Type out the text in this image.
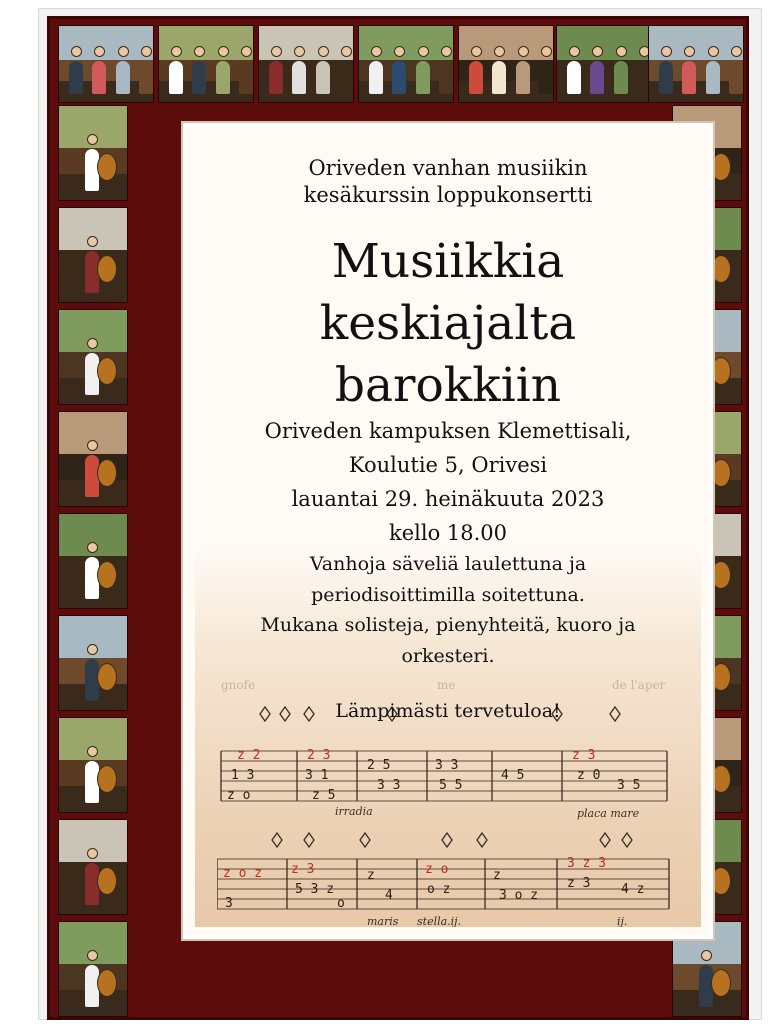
gnofe	me	de l'aper
z 2
1 3
z o
2 3
3 1
z 5
2 5
3 3
3 3
5 5
4 5
z 3
z 0
3 5
irradia	placa mare
z o z
3
z 3
5 3 z
o
z
4
z o
o z
z
3 o z
3 z 3
z 3 4 z
maris stella.ij.	ij.
Oriveden vanhan musiikin
kesäkurssin loppukonsertti
Musiikkia
keskiajalta
barokkiin
Oriveden kampuksen Klemettisali,
Koulutie 5, Orivesi
lauantai 29. heinäkuuta 2023
kello 18.00
Vanhoja säveliä laulettuna ja
periodisoittimilla soitettuna.
Mukana solisteja, pienyhteitä, kuoro ja
orkesteri.
Lämpimästi tervetuloa!
